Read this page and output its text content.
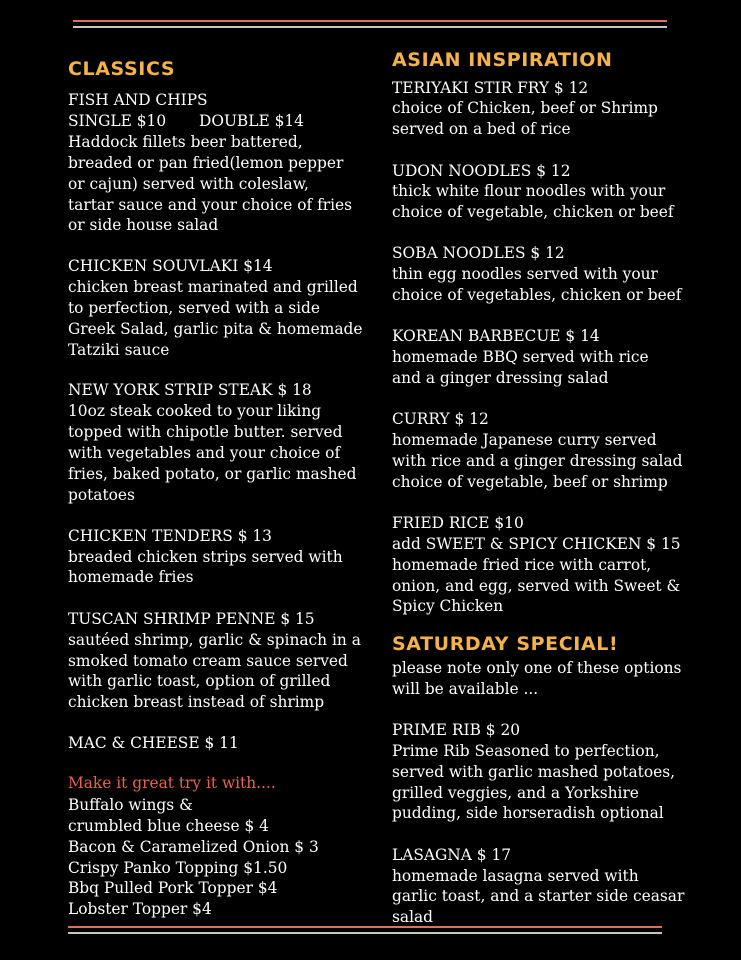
CLASSICS
FISH AND CHIPS
SINGLE $10 DOUBLE $14
Haddock fillets beer battered,
breaded or pan fried(lemon pepper
or cajun) served with coleslaw,
tartar sauce and your choice of fries
or side house salad
CHICKEN SOUVLAKI $14
chicken breast marinated and grilled
to perfection, served with a side
Greek Salad, garlic pita & homemade
Tatziki sauce
NEW YORK STRIP STEAK $ 18
10oz steak cooked to your liking
topped with chipotle butter. served
with vegetables and your choice of
fries, baked potato, or garlic mashed
potatoes
CHICKEN TENDERS $ 13
breaded chicken strips served with
homemade fries
TUSCAN SHRIMP PENNE $ 15
sautéed shrimp, garlic & spinach in a
smoked tomato cream sauce served
with garlic toast, option of grilled
chicken breast instead of shrimp
MAC & CHEESE $ 11
Make it great try it with....
Buffalo wings &
crumbled blue cheese $ 4
Bacon & Caramelized Onion $ 3
Crispy Panko Topping $1.50
Bbq Pulled Pork Topper $4
Lobster Topper $4
ASIAN INSPIRATION
TERIYAKI STIR FRY $ 12
choice of Chicken, beef or Shrimp
served on a bed of rice
UDON NOODLES $ 12
thick white flour noodles with your
choice of vegetable, chicken or beef
SOBA NOODLES $ 12
thin egg noodles served with your
choice of vegetables, chicken or beef
KOREAN BARBECUE $ 14
homemade BBQ served with rice
and a ginger dressing salad
CURRY $ 12
homemade Japanese curry served
with rice and a ginger dressing salad
choice of vegetable, beef or shrimp
FRIED RICE $10
add SWEET & SPICY CHICKEN $ 15
homemade fried rice with carrot,
onion, and egg, served with Sweet &
Spicy Chicken
SATURDAY SPECIAL!
please note only one of these options
will be available ...
PRIME RIB $ 20
Prime Rib Seasoned to perfection,
served with garlic mashed potatoes,
grilled veggies, and a Yorkshire
pudding, side horseradish optional
LASAGNA $ 17
homemade lasagna served with
garlic toast, and a starter side ceasar
salad
